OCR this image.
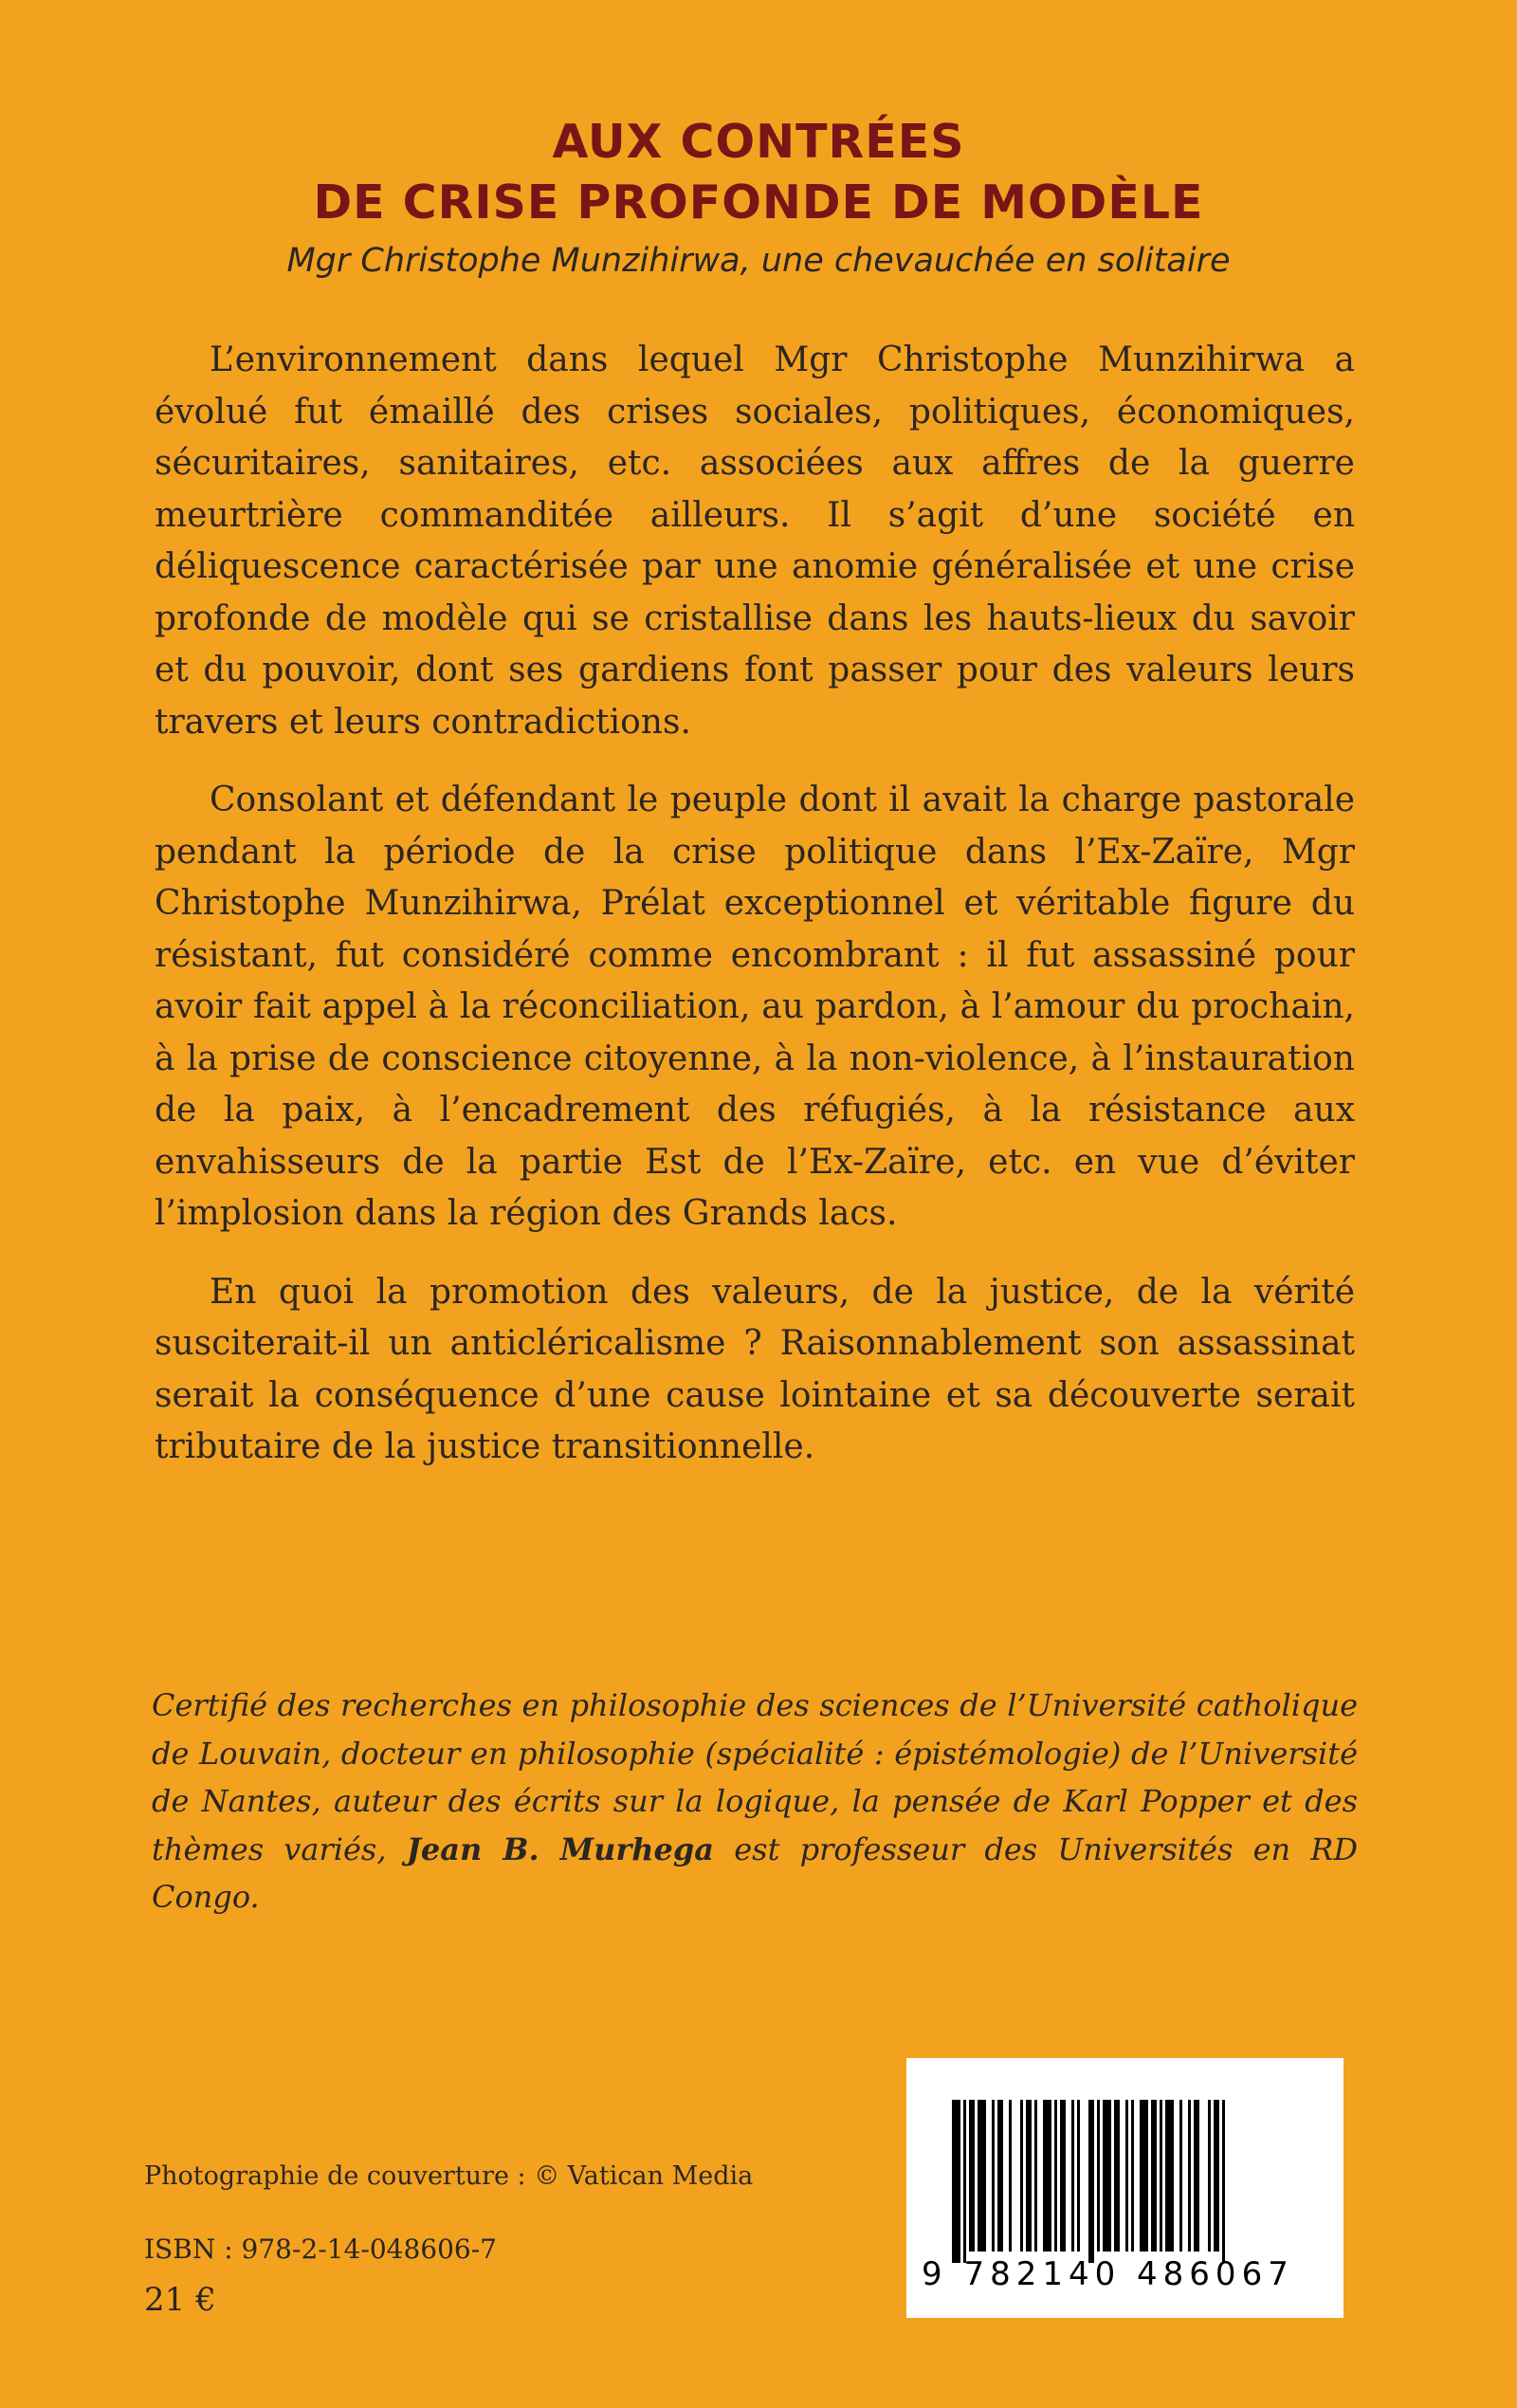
AUX CONTRÉES
DE CRISE PROFONDE DE MODÈLE
Mgr Christophe Munzihirwa, une chevauchée en solitaire

L’environnement dans lequel Mgr Christophe Munzihirwa a évolué fut émaillé des crises sociales, politiques, économiques, sécuritaires, sanitaires, etc. associées aux affres de la guerre meurtrière commanditée ailleurs. Il s’agit d’une société en déliquescence caractérisée par une anomie généralisée et une crise profonde de modèle qui se cristallise dans les hauts-lieux du savoir et du pouvoir, dont ses gardiens font passer pour des valeurs leurs travers et leurs contradictions.

Consolant et défendant le peuple dont il avait la charge pastorale pendant la période de la crise politique dans l’Ex-Zaïre, Mgr Christophe Munzihirwa, Prélat exceptionnel et véritable figure du résistant, fut considéré comme encombrant : il fut assassiné pour avoir fait appel à la réconciliation, au pardon, à l’amour du prochain, à la prise de conscience citoyenne, à la non-violence, à l’instauration de la paix, à l’encadrement des réfugiés, à la résistance aux envahisseurs de la partie Est de l’Ex-Zaïre, etc. en vue d’éviter l’implosion dans la région des Grands lacs.

En quoi la promotion des valeurs, de la justice, de la vérité susciterait-il un anticléricalisme ? Raisonnablement son assassinat serait la conséquence d’une cause lointaine et sa découverte serait tributaire de la justice transitionnelle.

Certifié des recherches en philosophie des sciences de l’Université catholique de Louvain, docteur en philosophie (spécialité : épistémologie) de l’Université de Nantes, auteur des écrits sur la logique, la pensée de Karl Popper et des thèmes variés, Jean B. Murhega est professeur des Universités en RD Congo.
Photographie de couverture : © Vatican Media
ISBN : 978-2-14-048606-7
21 €
9 782140 486067
